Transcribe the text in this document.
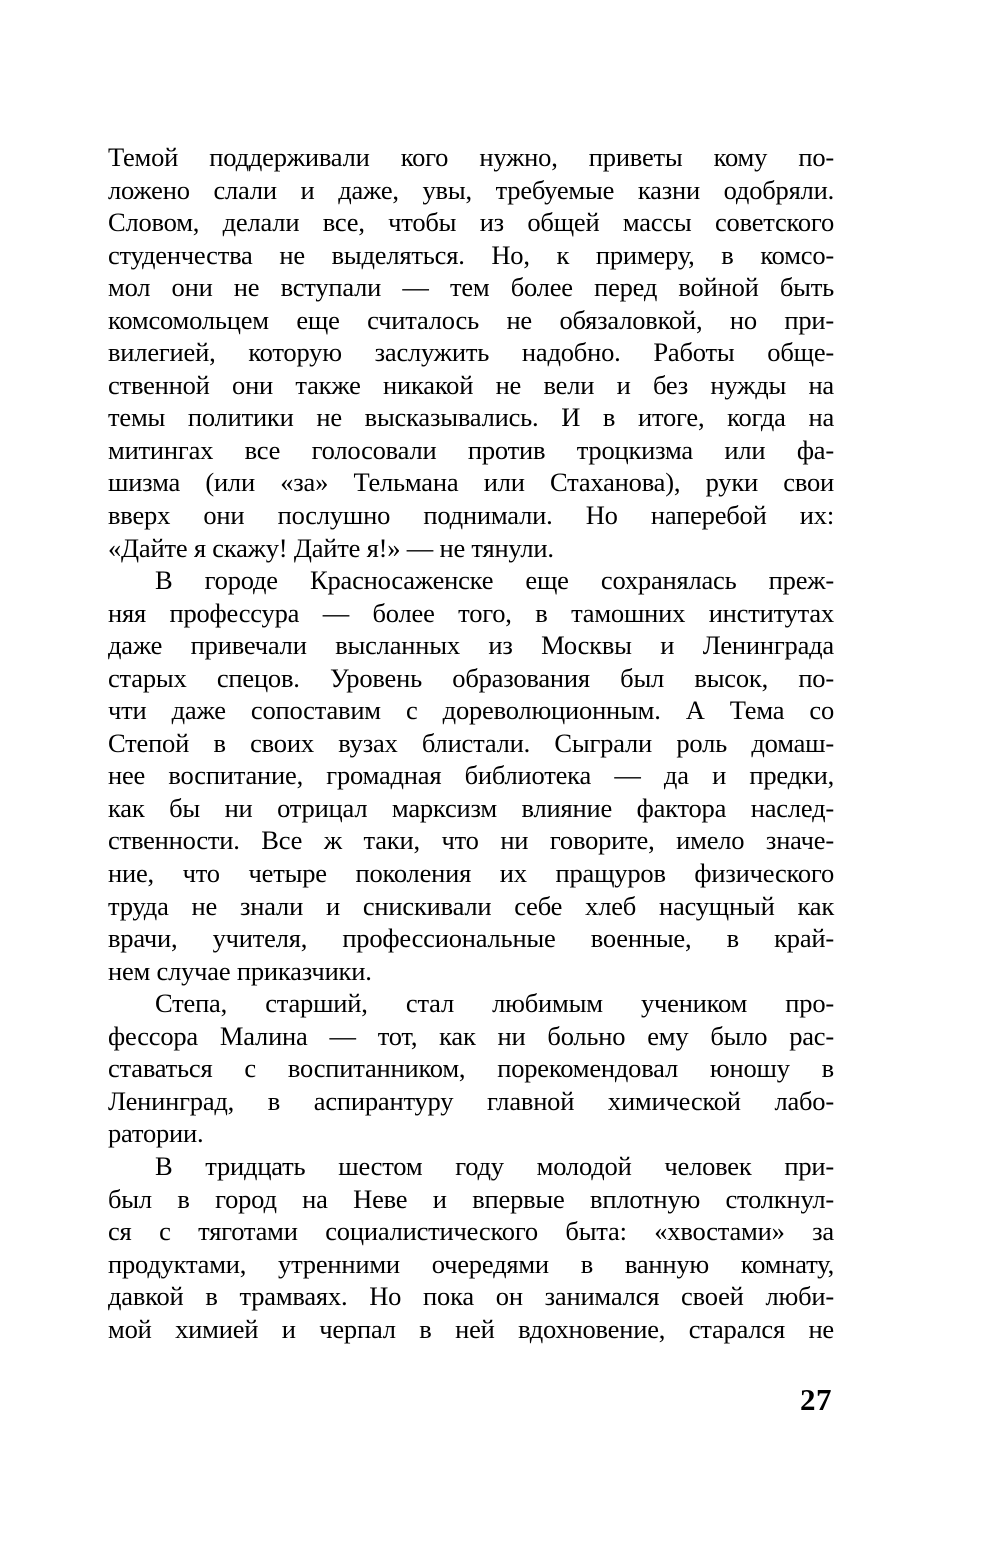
Темой поддерживали кого нужно, приветы кому по-
ложено слали и даже, увы, требуемые казни одобряли.
Словом, делали все, чтобы из общей массы советского
студенчества не выделяться. Но, к примеру, в комсо-
мол они не вступали — тем более перед войной быть
комсомольцем еще считалось не обязаловкой, но при-
вилегией, которую заслужить надобно. Работы обще-
ственной они также никакой не вели и без нужды на
темы политики не высказывались. И в итоге, когда на
митингах все голосовали против троцкизма или фа-
шизма (или «за» Тельмана или Стаханова), руки свои
вверх они послушно поднимали. Но наперебой их:
«Дайте я скажу! Дайте я!» — не тянули.
В городе Красносаженске еще сохранялась преж-
няя профессура — более того, в тамошних институтах
даже привечали высланных из Москвы и Ленинграда
старых спецов. Уровень образования был высок, по-
чти даже сопоставим с дореволюционным. А Тема со
Степой в своих вузах блистали. Сыграли роль домаш-
нее воспитание, громадная библиотека — да и предки,
как бы ни отрицал марксизм влияние фактора наслед-
ственности. Все ж таки, что ни говорите, имело значе-
ние, что четыре поколения их пращуров физического
труда не знали и снискивали себе хлеб насущный как
врачи, учителя, профессиональные военные, в край-
нем случае приказчики.
Степа, старший, стал любимым учеником про-
фессора Малина — тот, как ни больно ему было рас-
ставаться с воспитанником, порекомендовал юношу в
Ленинград, в аспирантуру главной химической лабо-
ратории.
В тридцать шестом году молодой человек при-
был в город на Неве и впервые вплотную столкнул-
ся с тяготами социалистического быта: «хвостами» за
продуктами, утренними очередями в ванную комнату,
давкой в трамваях. Но пока он занимался своей люби-
мой химией и черпал в ней вдохновение, старался не
27
